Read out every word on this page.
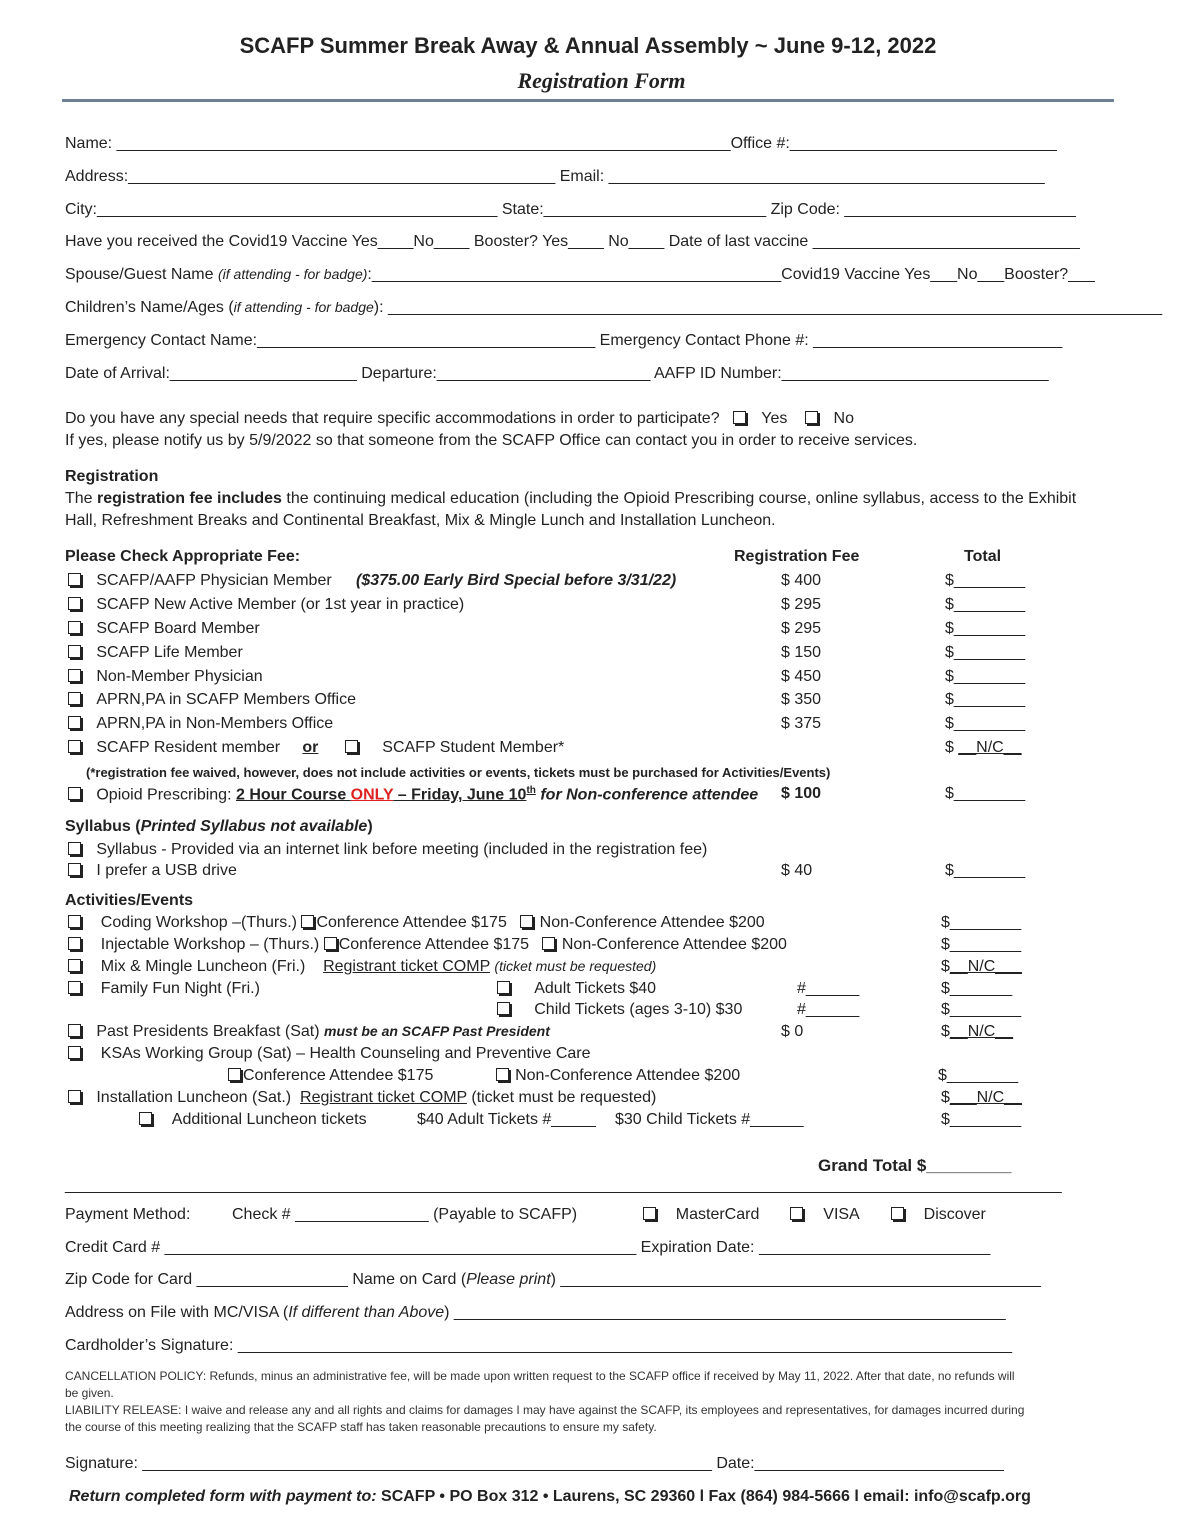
SCAFP Summer Break Away & Annual Assembly ~ June 9-12, 2022
Registration Form
Name: _____________________________________________________________________Office #:______________________________
Address:________________________________________________ Email: _________________________________________________
City:_____________________________________________ State:_________________________ Zip Code: __________________________
Have you received the Covid19 Vaccine Yes____No____ Booster? Yes____ No____ Date of last vaccine ______________________________
Spouse/Guest Name (if attending - for badge):______________________________________________Covid19 Vaccine Yes___No___Booster?___
Children’s Name/Ages (if attending - for badge): _______________________________________________________________________________________
Emergency Contact Name:______________________________________ Emergency Contact Phone #: ____________________________
Date of Arrival:_____________________ Departure:________________________ AAFP ID Number:______________________________
Do you have any special needs that require specific accommodations in order to participate?	Yes	No
If yes, please notify us by 5/9/2022 so that someone from the SCAFP Office can contact you in order to receive services.
Registration
The registration fee includes the continuing medical education (including the Opioid Prescribing course, online syllabus, access to the Exhibit
Hall, Refreshment Breaks and Continental Breakfast, Mix & Mingle Lunch and Installation Luncheon.
Please Check Appropriate Fee:	Registration Fee	Total
SCAFP/AAFP Physician Member ($375.00 Early Bird Special before 3/31/22)	$ 400	$________
SCAFP New Active Member (or 1st year in practice)	$ 295	$________
SCAFP Board Member	$ 295	$________
SCAFP Life Member	$ 150	$________
Non-Member Physician	$ 450	$________
APRN,PA in SCAFP Members Office	$ 350	$________
APRN,PA in Non-Members Office	$ 375	$________
SCAFP Resident member or	SCAFP Student Member*	$ __N/C__
(*registration fee waived, however, does not include activities or events, tickets must be purchased for Activities/Events)
Opioid Prescribing: 2 Hour Course ONLY – Friday, June 10th for Non-conference attendee $ 100	$________
Syllabus (Printed Syllabus not available)
Syllabus - Provided via an internet link before meeting (included in the registration fee)
I prefer a USB drive	$ 40	$________
Activities/Events
Coding Workshop –(Thurs.) Conference Attendee $175 Non-Conference Attendee $200	$________
Injectable Workshop – (Thurs.) Conference Attendee $175 Non-Conference Attendee $200	$________
Mix & Mingle Luncheon (Fri.) Registrant ticket COMP (ticket must be requested)	$__N/C___
Family Fun Night (Fri.)	Adult Tickets $40	#______	$_______
Child Tickets (ages 3-10) $30	#______	$________
Past Presidents Breakfast (Sat) must be an SCAFP Past President	$ 0	$__N/C__
KSAs Working Group (Sat) – Health Counseling and Preventive Care
Conference Attendee $175	Non-Conference Attendee $200	$________
Installation Luncheon (Sat.) Registrant ticket COMP (ticket must be requested)	$___N/C__
Additional Luncheon tickets	$40 Adult Tickets #_____ $30 Child Tickets #______	$________
Grand Total $_________
________________________________________________________________________________________________________________
Payment Method:	Check # _______________ (Payable to SCAFP)	MasterCard	VISA	Discover
Credit Card # _____________________________________________________ Expiration Date: __________________________
Zip Code for Card _________________ Name on Card (Please print) ______________________________________________________
Address on File with MC/VISA (If different than Above) ______________________________________________________________
Cardholder’s Signature: _______________________________________________________________________________________
CANCELLATION POLICY: Refunds, minus an administrative fee, will be made upon written request to the SCAFP office if received by May 11, 2022. After that date, no refunds will be given.
LIABILITY RELEASE: I waive and release any and all rights and claims for damages I may have against the SCAFP, its employees and representatives, for damages incurred during the course of this meeting realizing that the SCAFP staff has taken reasonable precautions to ensure my safety.
Signature: ________________________________________________________________ Date:____________________________
Return completed form with payment to: SCAFP • PO Box 312 • Laurens, SC 29360 l Fax (864) 984-5666 l email: info@scafp.org
